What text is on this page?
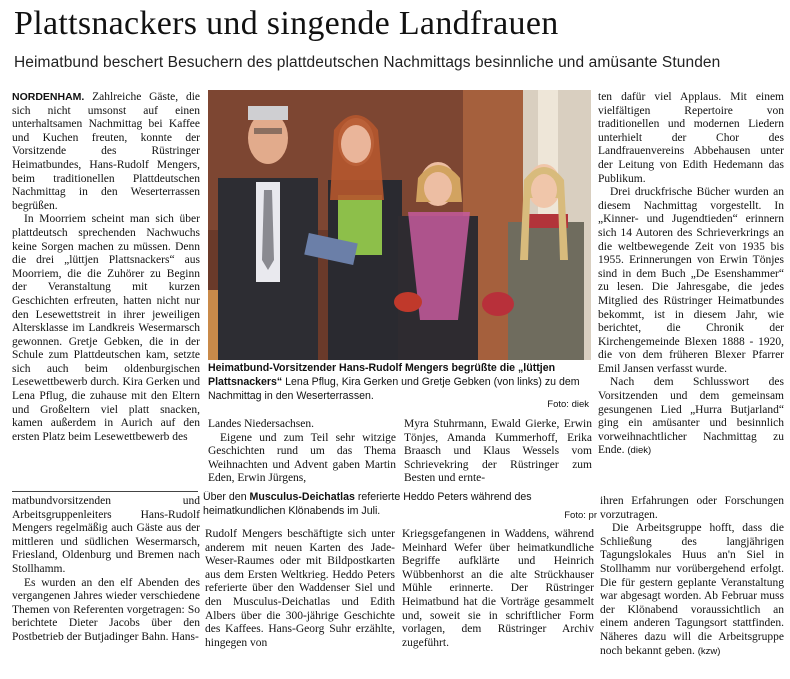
Plattsnackers und singende Landfrauen
Heimatbund beschert Besuchern des plattdeutschen Nachmittags besinnliche und amüsante Stunden

NORDENHAM. Zahlreiche Gäste, die sich nicht umsonst auf einen unterhaltsamen Nachmittag bei Kaffee und Kuchen freuten, konnte der Vorsitzende des Rüstringer Heimatbundes, Hans-Rudolf Mengers, beim traditionellen Plattdeutschen Nachmittag in den Weserterrassen begrüßen.

In Moorriem scheint man sich über plattdeutsch sprechenden Nachwuchs keine Sorgen machen zu müssen. Denn die drei „lüttjen Plattsnackers“ aus Moorriem, die die Zuhörer zu Beginn der Veranstaltung mit kurzen Geschichten erfreuten, hatten nicht nur den Lesewettstreit in ihrer jeweiligen Altersklasse im Landkreis Wesermarsch gewonnen. Gretje Gebken, die in der Schule zum Plattdeutschen kam, setzte sich auch beim oldenburgischen Lesewettbewerb durch. Kira Gerken und Lena Pflug, die zuhause mit den Eltern und Großeltern viel platt snacken, kamen außerdem in Aurich auf den ersten Platz beim Lesewettbewerb des

Heimatbund-Vorsitzender Hans-Rudolf Mengers begrüßte die „lüttjen Plattsnackers“ Lena Pflug, Kira Gerken und Gretje Gebken (von links) zu dem Nachmittag in den Weserterrassen.
Foto: diek

Landes Niedersachsen.

Eigene und zum Teil sehr witzige Geschichten rund um das Thema Weihnachten und Advent gaben Martin Eden, Erwin Jürgens,

Myra Stuhrmann, Ewald Gierke, Erwin Tönjes, Amanda Kummerhoff, Erika Braasch und Klaus Wessels vom Schrievekring der Rüstringer zum Besten und ernte-

ten dafür viel Applaus. Mit einem vielfältigen Repertoire von traditionellen und modernen Liedern unterhielt der Chor des Landfrauenvereins Abbehausen unter der Leitung von Edith Hedemann das Publikum.

Drei druckfrische Bücher wurden an diesem Nachmittag vorgestellt. In „Kinner- und Jugendtieden“ erinnern sich 14 Autoren des Schrieverkrings an die weltbewegende Zeit von 1935 bis 1955. Erinnerungen von Erwin Tönjes sind in dem Buch „De Esenshammer“ zu lesen. Die Jahresgabe, die jedes Mitglied des Rüstringer Heimatbundes bekommt, ist in diesem Jahr, wie berichtet, die Chronik der Kirchengemeinde Blexen 1888 - 1920, die von dem früheren Blexer Pfarrer Emil Jansen verfasst wurde.

Nach dem Schlusswort des Vorsitzenden und dem gemeinsam gesungenen Lied „Hurra Butjarland“ ging ein amüsanter und besinnlich vorweihnachtlicher Nachmittag zu Ende. (diek)

matbundvorsitzenden und Arbeitsgruppenleiters Hans-Rudolf Mengers regelmäßig auch Gäste aus der mittleren und südlichen Wesermarsch, Friesland, Oldenburg und Bremen nach Stollhamm.

Es wurden an den elf Abenden des vergangenen Jahres wieder verschiedene Themen von Referenten vorgetragen: So berichtete Dieter Jacobs über den Postbetrieb der Butjadinger Bahn. Hans-

Über den Musculus-Deichatlas referierte Heddo Peters während des heimatkundlichen Klönabends im Juli.	Foto: pr

Rudolf Mengers beschäftigte sich unter anderem mit neuen Karten des Jade-Weser-Raumes oder mit Bildpostkarten aus dem Ersten Weltkrieg. Heddo Peters referierte über den Waddenser Siel und den Musculus-Deichatlas und Edith Albers über die 300-jährige Geschichte des Kaffees. Hans-Georg Suhr erzählte, hingegen von

Kriegsgefangenen in Waddens, während Meinhard Wefer über heimatkundliche Begriffe aufklärte und Heinrich Wübbenhorst an die alte Strückhauser Mühle erinnerte. Der Rüstringer Heimatbund hat die Vorträge gesammelt und, soweit sie in schriftlicher Form vorlagen, dem Rüstringer Archiv zugeführt.

ihren Erfahrungen oder Forschungen vorzutragen.

Die Arbeitsgruppe hofft, dass die Schließung des langjährigen Tagungslokales Huus an'n Siel in Stollhamm nur vorübergehend erfolgt. Die für gestern geplante Veranstaltung war abgesagt worden. Ab Februar muss der Klönabend voraussichtlich an einem anderen Tagungsort stattfinden. Näheres dazu will die Arbeitsgruppe noch bekannt geben. (kzw)
